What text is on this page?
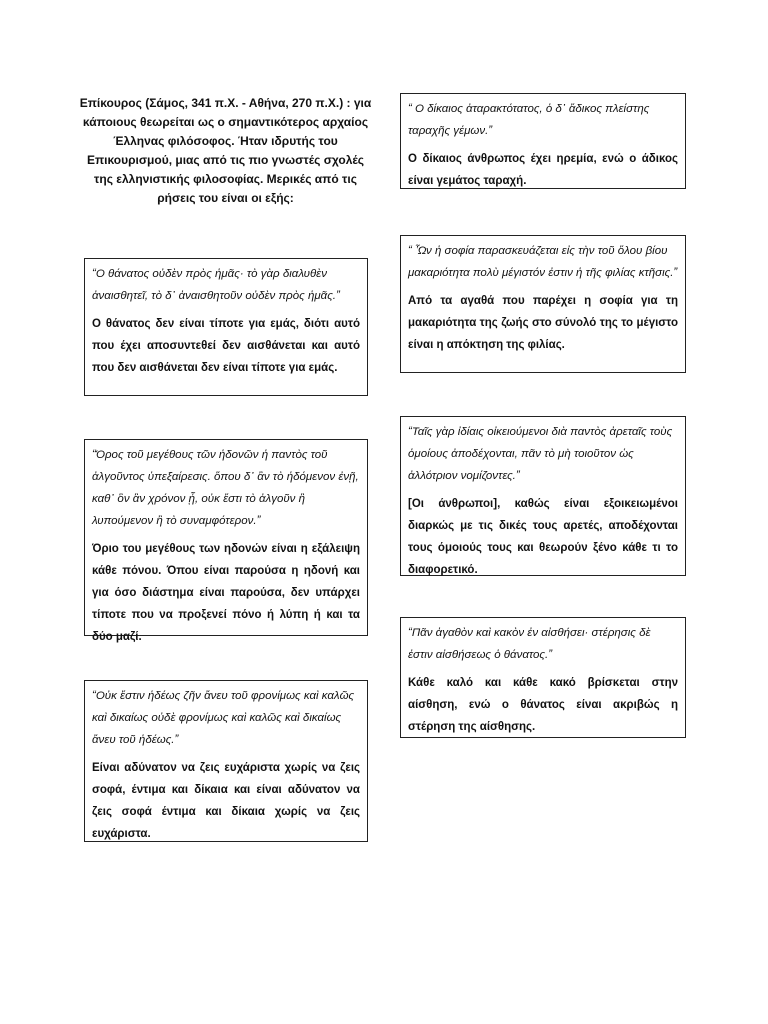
Επίκουρος (Σάμος, 341 π.Χ. - Αθήνα, 270 π.Χ.) : για κάποιους θεωρείται ως ο σημαντικότερος αρχαίος Έλληνας φιλόσοφος. Ήταν ιδρυτής του Επικουρισμού, μιας από τις πιο γνωστές σχολές της ελληνιστικής φιλοσοφίας. Μερικές από τις ρήσεις του είναι οι εξής:

“Ο θάνατος οὐδὲν πρὸς ἡμᾶς· τὸ γὰρ διαλυθὲν ἀναισθητεῖ, τὸ δ᾽ ἀναισθητοῦν οὐδὲν πρὸς ἡμᾶς.”

Ο θάνατος δεν είναι τίποτε για εμάς, διότι αυτό που έχει αποσυντεθεί δεν αισθάνεται και αυτό που δεν αισθάνεται δεν είναι τίποτε για εμάς.

“Όρος τοῦ μεγέθους τῶν ἡδονῶν ἡ παντὸς τοῦ ἀλγοῦντος ὑπεξαίρεσις. ὅπου δ᾽ ἂν τὸ ἡδόμενον ἐνῇ, καθ᾽ ὃν ἂν χρόνον ᾖ, οὐκ ἔστι τὸ ἀλγοῦν ἢ λυπούμενον ἢ τὸ συναμφότερον.”

Όριο του μεγέθους των ηδονών είναι η εξάλειψη κάθε πόνου. Όπου είναι παρούσα η ηδονή και για όσο διάστημα είναι παρούσα, δεν υπάρχει τίποτε που να προξενεί πόνο ή λύπη ή και τα δύο μαζί.

“Οὐκ ἔστιν ἡδέως ζῆν ἄνευ τοῦ φρονίμως καὶ καλῶς καὶ δικαίως οὐδὲ φρονίμως καὶ καλῶς καὶ δικαίως ἄνευ τοῦ ἡδέως.”

Είναι αδύνατον να ζεις ευχάριστα χωρίς να ζεις σοφά, έντιμα και δίκαια και είναι αδύνατον να ζεις σοφά έντιμα και δίκαια χωρίς να ζεις ευχάριστα.

“ Ο δίκαιος ἀταρακτότατος, ὁ δ᾽ ἄδικος πλείστης ταραχῆς γέμων.”

Ο δίκαιος άνθρωπος έχει ηρεμία, ενώ ο άδικος είναι γεμάτος ταραχή.

“ Ὧν ἡ σοφία παρασκευάζεται εἰς τὴν τοῦ ὅλου βίου μακαριότητα πολὺ μέγιστόν ἐστιν ἡ τῆς φιλίας κτῆσις.”

Από τα αγαθά που παρέχει η σοφία για τη μακαριότητα της ζωής στο σύνολό της το μέγιστο είναι η απόκτηση της φιλίας.

“Ταῖς γὰρ ἰδίαις οἰκειούμενοι διὰ παντὸς ἀρεταῖς τοὺς ὁμοίους ἀποδέχονται, πᾶν τὸ μὴ τοιοῦτον ὡς ἀλλότριον νομίζοντες.”

[Οι άνθρωποι], καθώς είναι εξοικειωμένοι διαρκώς με τις δικές τους αρετές, αποδέχονται τους όμοιούς τους και θεωρούν ξένο κάθε τι το διαφορετικό.

“Πᾶν ἀγαθὸν καὶ κακὸν ἐν αἰσθήσει· στέρησις δὲ ἐστιν αἰσθήσεως ὁ θάνατος.”

Κάθε καλό και κάθε κακό βρίσκεται στην αίσθηση, ενώ ο θάνατος είναι ακριβώς η στέρηση της αίσθησης.
